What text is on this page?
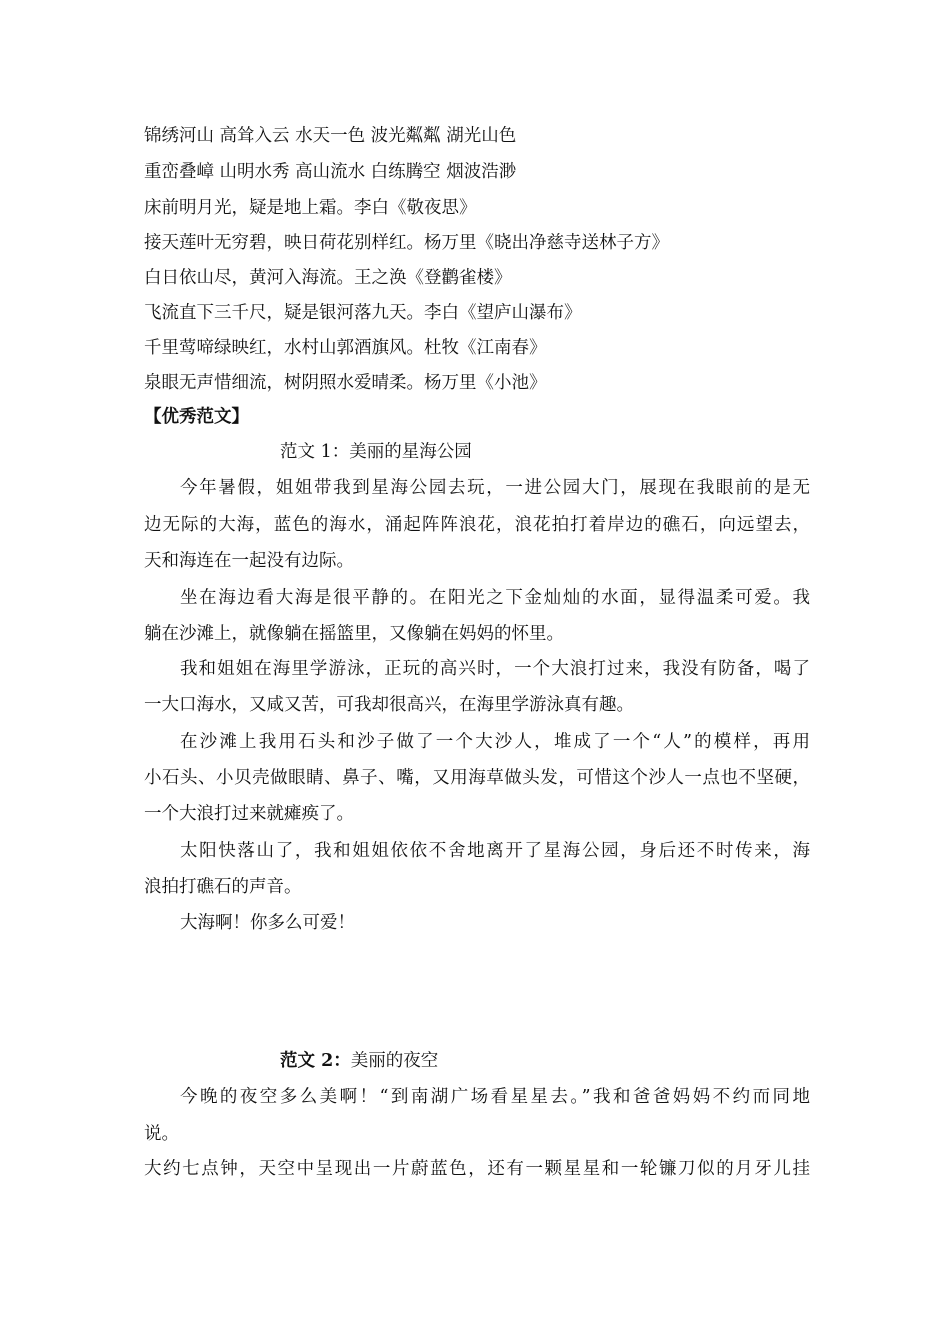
锦绣河山 高耸入云 水天一色 波光粼粼 湖光山色
重峦叠嶂 山明水秀 高山流水 白练腾空 烟波浩渺
床前明月光，疑是地上霜。李白《敬夜思》
接天莲叶无穷碧，映日荷花别样红。杨万里《晓出净慈寺送林子方》
白日依山尽，黄河入海流。王之涣《登鹳雀楼》
飞流直下三千尺，疑是银河落九天。李白《望庐山瀑布》
千里莺啼绿映红，水村山郭酒旗风。杜牧《江南春》
泉眼无声惜细流，树阴照水爱晴柔。杨万里《小池》
【优秀范文】
范文 1：美丽的星海公园
今年暑假，姐姐带我到星海公园去玩，一进公园大门，展现在我眼前的是无
边无际的大海，蓝色的海水，涌起阵阵浪花，浪花拍打着岸边的礁石，向远望去，
天和海连在一起没有边际。
坐在海边看大海是很平静的。在阳光之下金灿灿的水面，显得温柔可爱。我
躺在沙滩上，就像躺在摇篮里，又像躺在妈妈的怀里。
我和姐姐在海里学游泳，正玩的高兴时，一个大浪打过来，我没有防备，喝了
一大口海水，又咸又苦，可我却很高兴，在海里学游泳真有趣。
在沙滩上我用石头和沙子做了一个大沙人，堆成了一个“人”的模样，再用
小石头、小贝壳做眼睛、鼻子、嘴，又用海草做头发，可惜这个沙人一点也不坚硬，
一个大浪打过来就瘫痪了。
太阳快落山了，我和姐姐依依不舍地离开了星海公园，身后还不时传来，海
浪拍打礁石的声音。
大海啊！你多么可爱！
范文 2：美丽的夜空
今晚的夜空多么美啊！“到南湖广场看星星去。”我和爸爸妈妈不约而同地
说。
大约七点钟，天空中呈现出一片蔚蓝色，还有一颗星星和一轮镰刀似的月牙儿挂
